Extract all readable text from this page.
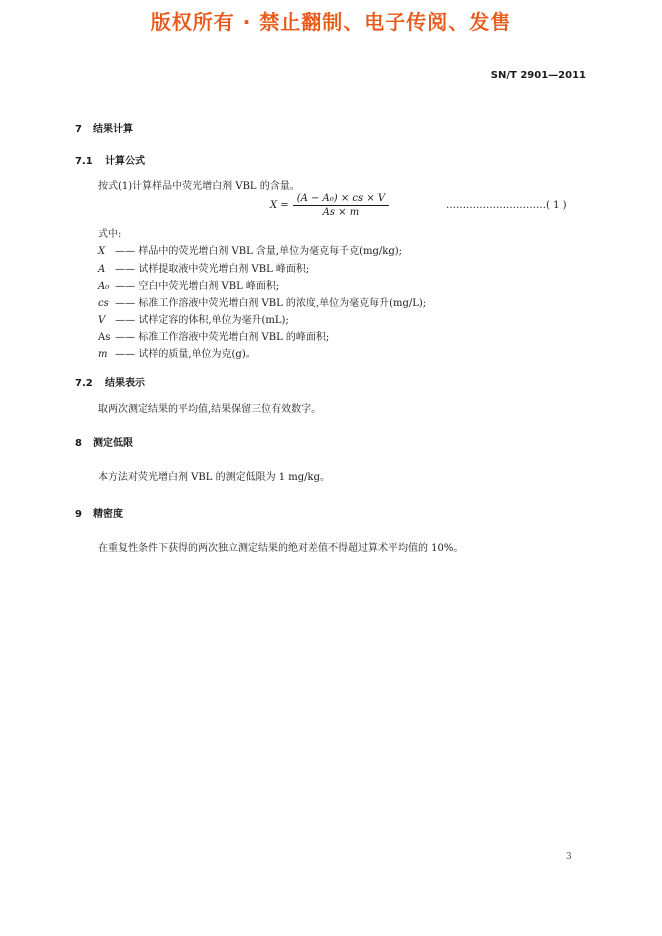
版权所有 · 禁止翻制、电子传阅、发售
SN/T 2901—2011
7 结果计算
7.1 计算公式
按式(1)计算样品中荧光增白剂 VBL 的含量。
$X = \frac{\text{(A − A₀) × cs × V}}{As \times m}$	…………………………( 1 )
式中:
X —— 样品中的荧光增白剂 VBL 含量,单位为毫克每千克(mg/kg);
A —— 试样提取液中荧光增白剂 VBL 峰面积;
A₀ —— 空白中荧光增白剂 VBL 峰面积;
cs —— 标准工作溶液中荧光增白剂 VBL 的浓度,单位为毫克每升(mg/L);
V —— 试样定容的体积,单位为毫升(mL);
As —— 标准工作溶液中荧光增白剂 VBL 的峰面积;
m —— 试样的质量,单位为克(g)。
7.2 结果表示
取两次测定结果的平均值,结果保留三位有效数字。
8 测定低限
本方法对荧光增白剂 VBL 的测定低限为 1 mg/kg。
9 精密度
在重复性条件下获得的两次独立测定结果的绝对差值不得超过算术平均值的 10%。
3
